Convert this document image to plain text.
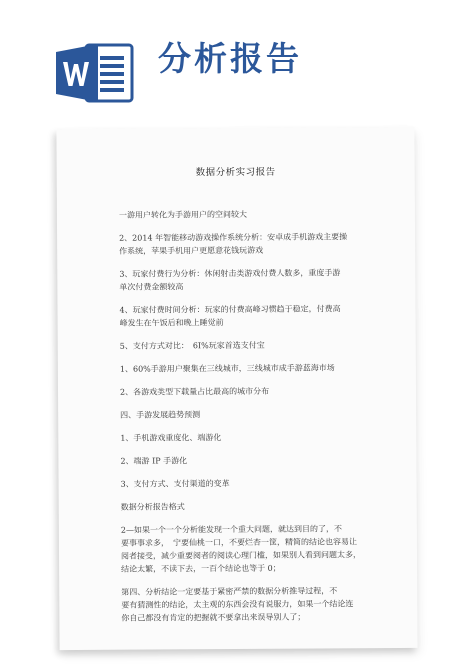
分析报告
数据分析实习报告
一游用户转化为手游用户的空间较大
2、2014 年智能移动游戏操作系统分析：安卓成手机游戏主要操
作系统，苹果手机用户更愿意花钱玩游戏
3、玩家付费行为分析：休闲射击类游戏付费人数多，重度手游
单次付费金额较高
4、玩家付费时间分析：玩家的付费高峰习惯趋于稳定，付费高
峰发生在午饭后和晚上睡觉前
5、支付方式对比：　6I%玩家首选支付宝
1、60%手游用户聚集在三线城市，三线城市成手游蓝海市场
2、各游戏类型下载量占比最高的城市分布
四、手游发展趋势预测
1、手机游戏重度化、端游化
2、端游 IP 手游化
3、支付方式、支付渠道的变革
数据分析报告格式
2—如果一个一个分析能发现一个重大问题，就达到目的了，不
要事事求多，　宁要仙桃一口，不要烂杏一筐，精简的结论也容易让
阅者接受，减少重要阅者的阅读心理门槛，如果别人看到问题太多，
结论太繁，不读下去，一百个结论也等于 0；
第四、分析结论一定要基于紧密严禁的数据分析推导过程，不
要有猜测性的结论，太主观的东西会没有说服力，如果一个结论连
你自己都没有肯定的把握就不要拿出来误导别人了；
